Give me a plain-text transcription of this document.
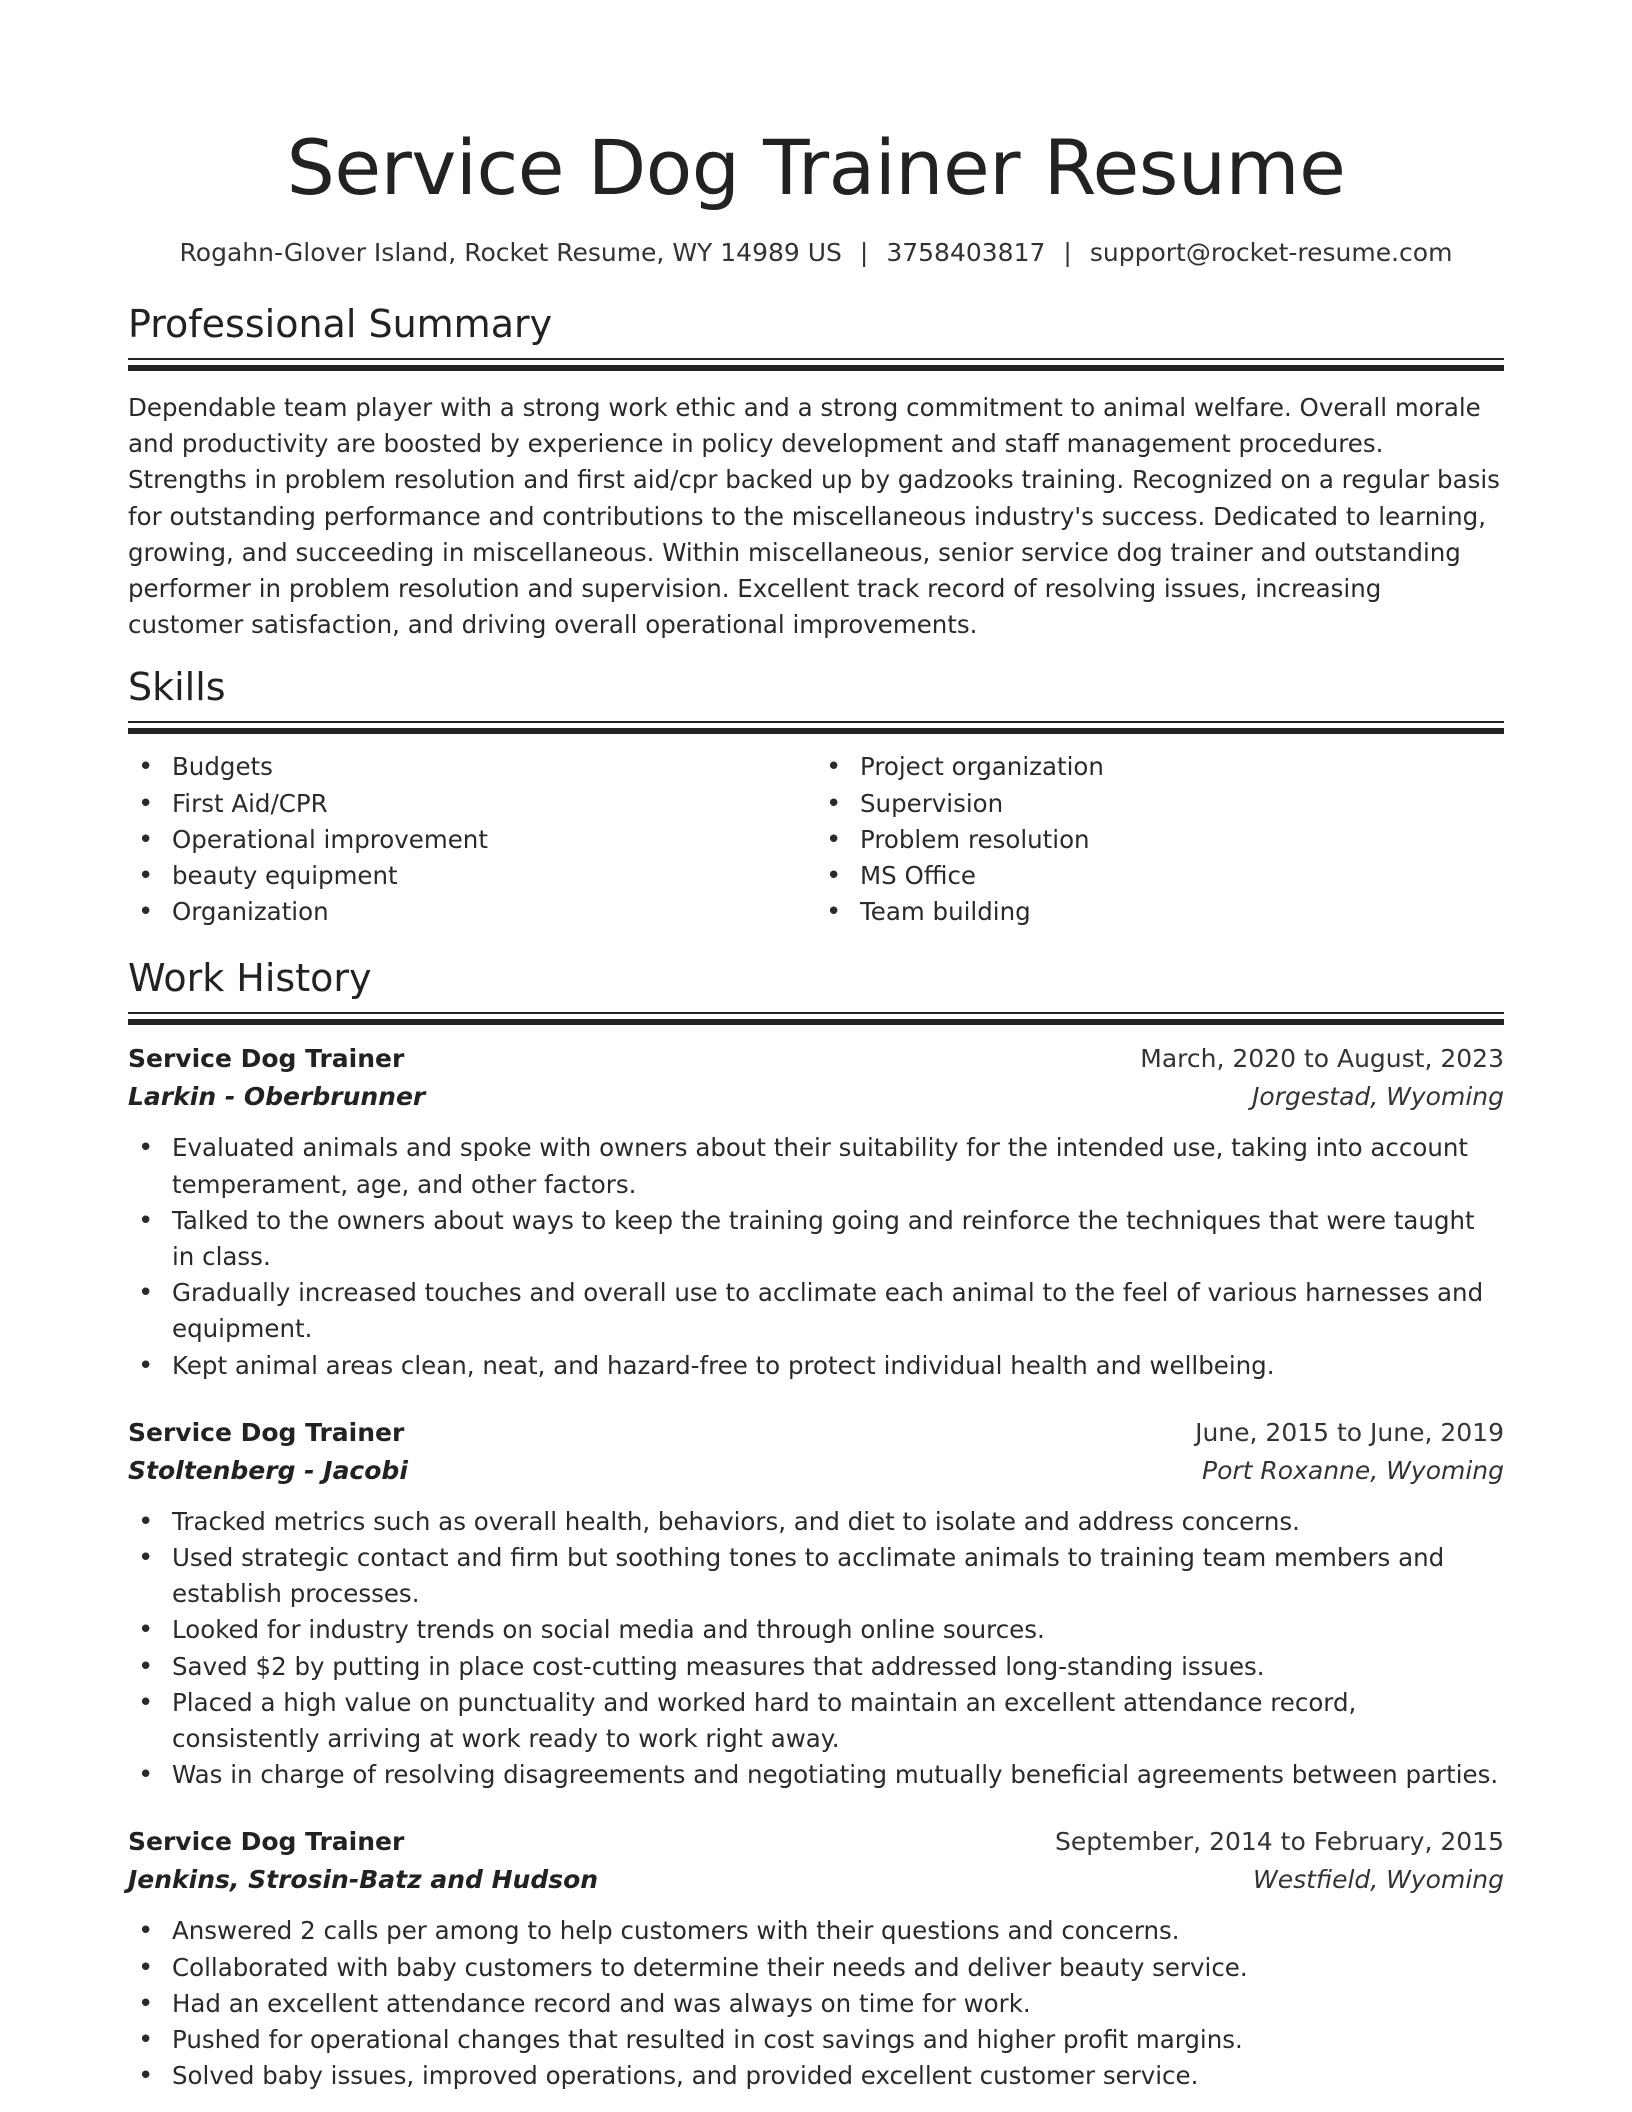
Service Dog Trainer Resume
Rogahn-Glover Island, Rocket Resume, WY 14989 US | 3758403817 | support@rocket-resume.com
Professional Summary

Dependable team player with a strong work ethic and a strong commitment to animal welfare. Overall morale and productivity are boosted by experience in policy development and staff management procedures. Strengths in problem resolution and first aid/cpr backed up by gadzooks training. Recognized on a regular basis for outstanding performance and contributions to the miscellaneous industry's success. Dedicated to learning, growing, and succeeding in miscellaneous. Within miscellaneous, senior service dog trainer and outstanding performer in problem resolution and supervision. Excellent track record of resolving issues, increasing customer satisfaction, and driving overall operational improvements.

Skills
• Budgets
• First Aid/CPR
• Operational improvement
• beauty equipment
• Organization
• Project organization
• Supervision
• Problem resolution
• MS Office
• Team building
Work History
Service Dog Trainer	March, 2020 to August, 2023
Larkin - Oberbrunner	Jorgestad, Wyoming
• Evaluated animals and spoke with owners about their suitability for the intended use, taking into account temperament, age, and other factors.
• Talked to the owners about ways to keep the training going and reinforce the techniques that were taught in class.
• Gradually increased touches and overall use to acclimate each animal to the feel of various harnesses and equipment.
• Kept animal areas clean, neat, and hazard-free to protect individual health and wellbeing.
Service Dog Trainer	June, 2015 to June, 2019
Stoltenberg - Jacobi	Port Roxanne, Wyoming
• Tracked metrics such as overall health, behaviors, and diet to isolate and address concerns.
• Used strategic contact and firm but soothing tones to acclimate animals to training team members and establish processes.
• Looked for industry trends on social media and through online sources.
• Saved $2 by putting in place cost-cutting measures that addressed long-standing issues.
• Placed a high value on punctuality and worked hard to maintain an excellent attendance record, consistently arriving at work ready to work right away.
• Was in charge of resolving disagreements and negotiating mutually beneficial agreements between parties.
Service Dog Trainer	September, 2014 to February, 2015
Jenkins, Strosin-Batz and Hudson	Westfield, Wyoming
• Answered 2 calls per among to help customers with their questions and concerns.
• Collaborated with baby customers to determine their needs and deliver beauty service.
• Had an excellent attendance record and was always on time for work.
• Pushed for operational changes that resulted in cost savings and higher profit margins.
• Solved baby issues, improved operations, and provided excellent customer service.
